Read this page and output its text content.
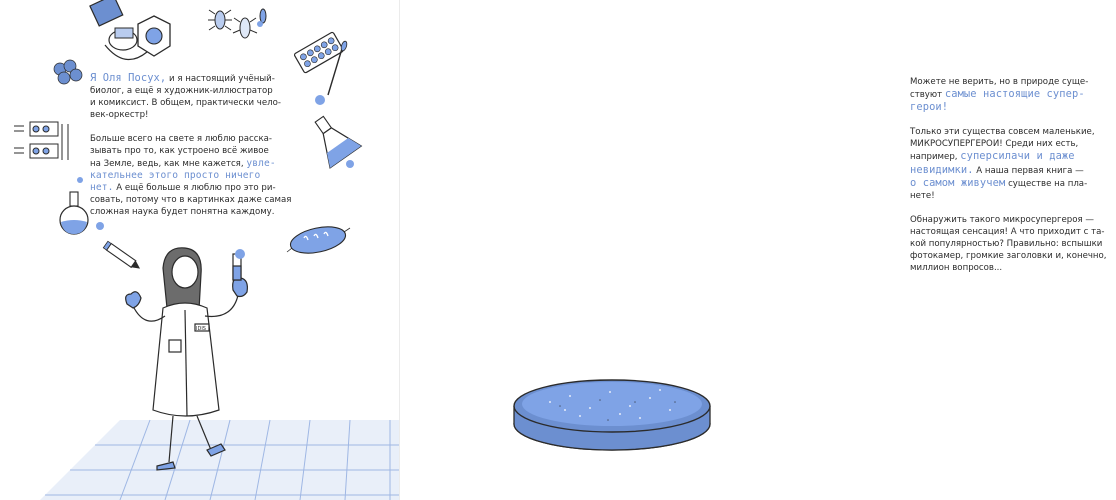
IDIS

Я Оля Посух, и я настоящий учёный-
биолог, а ещё я художник-иллюстратор
и комиксист. В общем, практически чело-
век-оркестр!

Больше всего на свете я люблю расска-
зывать про то, как устроено всё живое
на Земле, ведь, как мне кажется, увле-
кательнее этого просто ничего
нет. А ещё больше я люблю про это ри-
совать, потому что в картинках даже самая
сложная наука будет понятна каждому.

Можете не верить, но в природе суще-
ствуют самые настоящие супер-
герои!

Только эти существа совсем маленькие,
МИКРОСУПЕРГЕРОИ! Среди них есть,
например, суперсилачи и даже
невидимки. А наша первая книга —
о самом живучем существе на пла-
нете!

Обнаружить такого микросупергероя —
настоящая сенсация! А что приходит с та-
кой популярностью? Правильно: вспышки
фотокамер, громкие заголовки и, конечно,
миллион вопросов...
